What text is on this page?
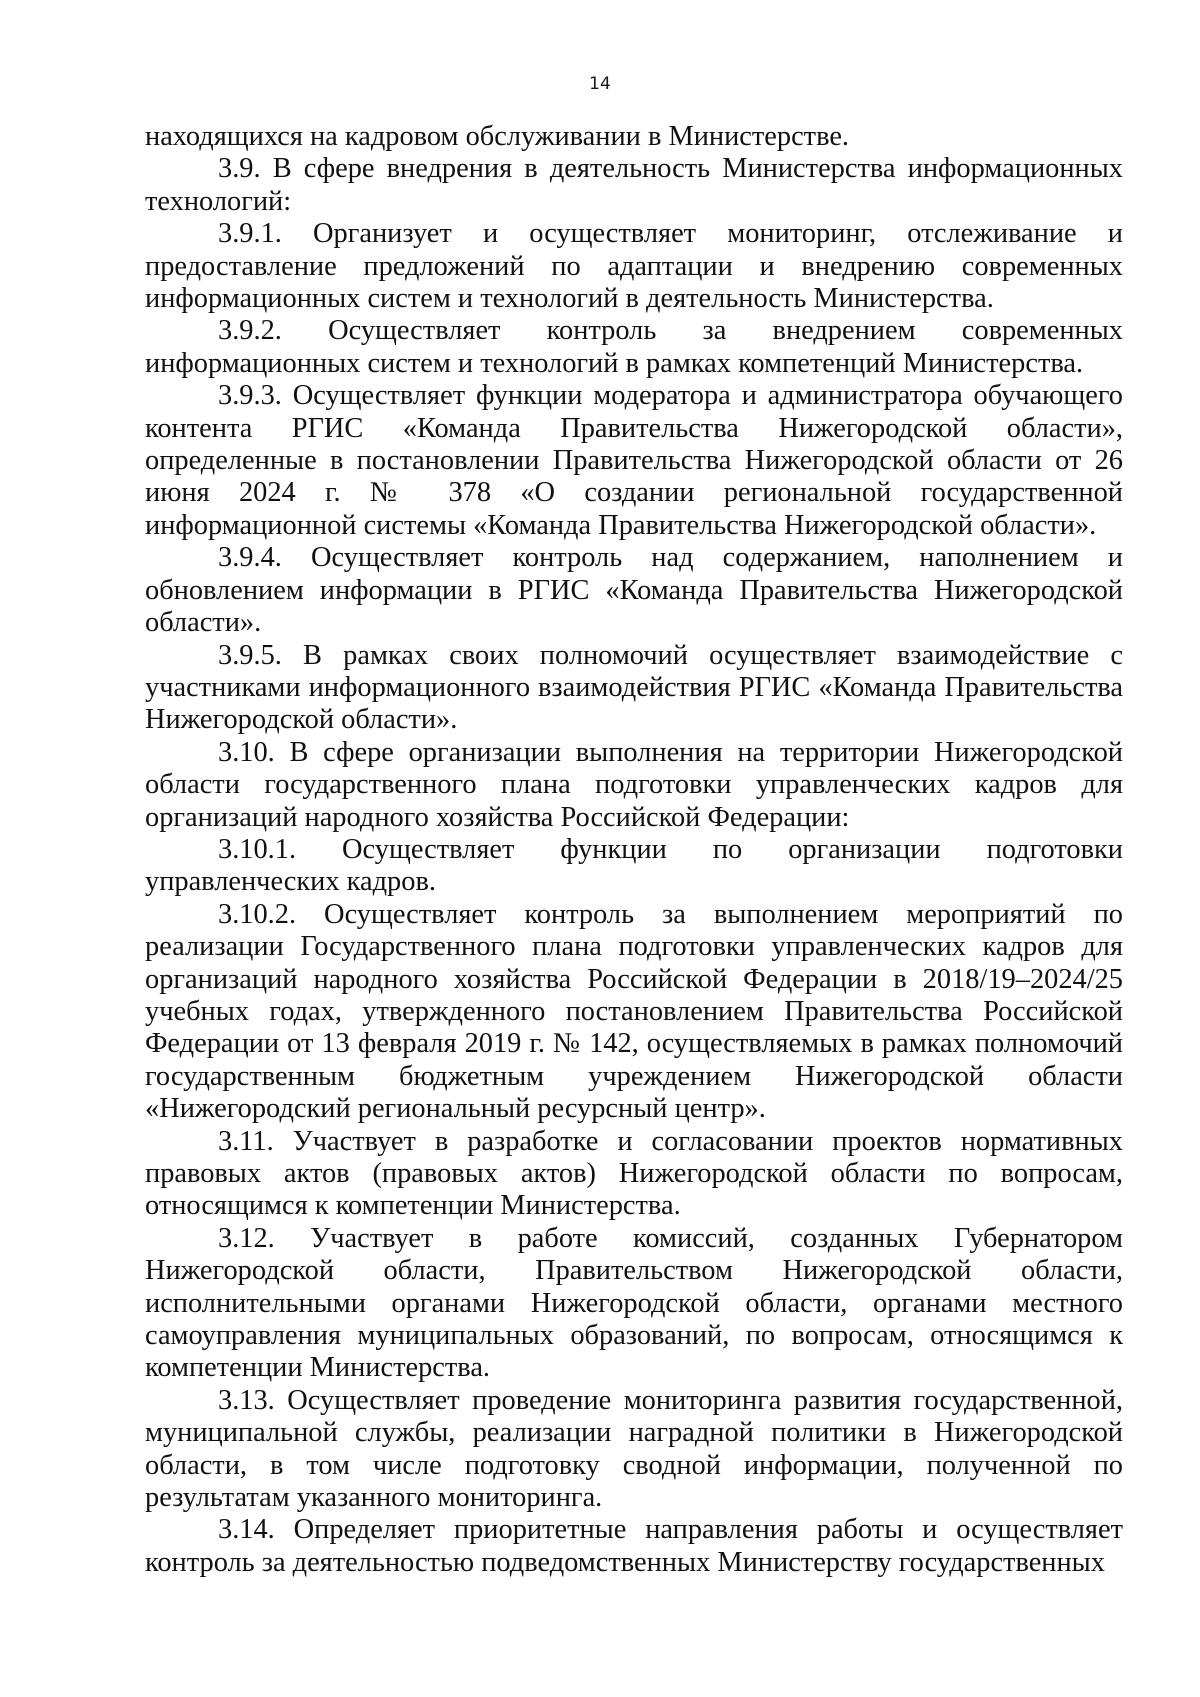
14

находящихся на кадровом обслуживании в Министерстве.

3.9. В сфере внедрения в деятельность Министерства информационных технологий:

3.9.1. Организует и осуществляет мониторинг, отслеживание и предоставление предложений по адаптации и внедрению современных информационных систем и технологий в деятельность Министерства.

3.9.2. Осуществляет контроль за внедрением современных информационных систем и технологий в рамках компетенций Министерства.

3.9.3. Осуществляет функции модератора и администратора обучающего контента РГИС «Команда Правительства Нижегородской области», определенные в постановлении Правительства Нижегородской области от 26 июня 2024 г. № 378 «О создании региональной государственной информационной системы «Команда Правительства Нижегородской области».

3.9.4. Осуществляет контроль над содержанием, наполнением и обновлением информации в РГИС «Команда Правительства Нижегородской области».

3.9.5. В рамках своих полномочий осуществляет взаимодействие с участниками информационного взаимодействия РГИС «Команда Правительства Нижегородской области».

3.10. В сфере организации выполнения на территории Нижегородской области государственного плана подготовки управленческих кадров для организаций народного хозяйства Российской Федерации:

3.10.1. Осуществляет функции по организации подготовки управленческих кадров.

3.10.2. Осуществляет контроль за выполнением мероприятий по реализации Государственного плана подготовки управленческих кадров для организаций народного хозяйства Российской Федерации в 2018/19–2024/25 учебных годах, утвержденного постановлением Правительства Российской Федерации от 13 февраля 2019 г. № 142, осуществляемых в рамках полномочий государственным бюджетным учреждением Нижегородской области «Нижегородский региональный ресурсный центр».

3.11. Участвует в разработке и согласовании проектов нормативных правовых актов (правовых актов) Нижегородской области по вопросам, относящимся к компетенции Министерства.

3.12. Участвует в работе комиссий, созданных Губернатором Нижегородской области, Правительством Нижегородской области, исполнительными органами Нижегородской области, органами местного самоуправления муниципальных образований, по вопросам, относящимся к компетенции Министерства.

3.13. Осуществляет проведение мониторинга развития государственной, муниципальной службы, реализации наградной политики в Нижегородской области, в том числе подготовку сводной информации, полученной по результатам указанного мониторинга.

3.14. Определяет приоритетные направления работы и осуществляет контроль за деятельностью подведомственных Министерству государственных
